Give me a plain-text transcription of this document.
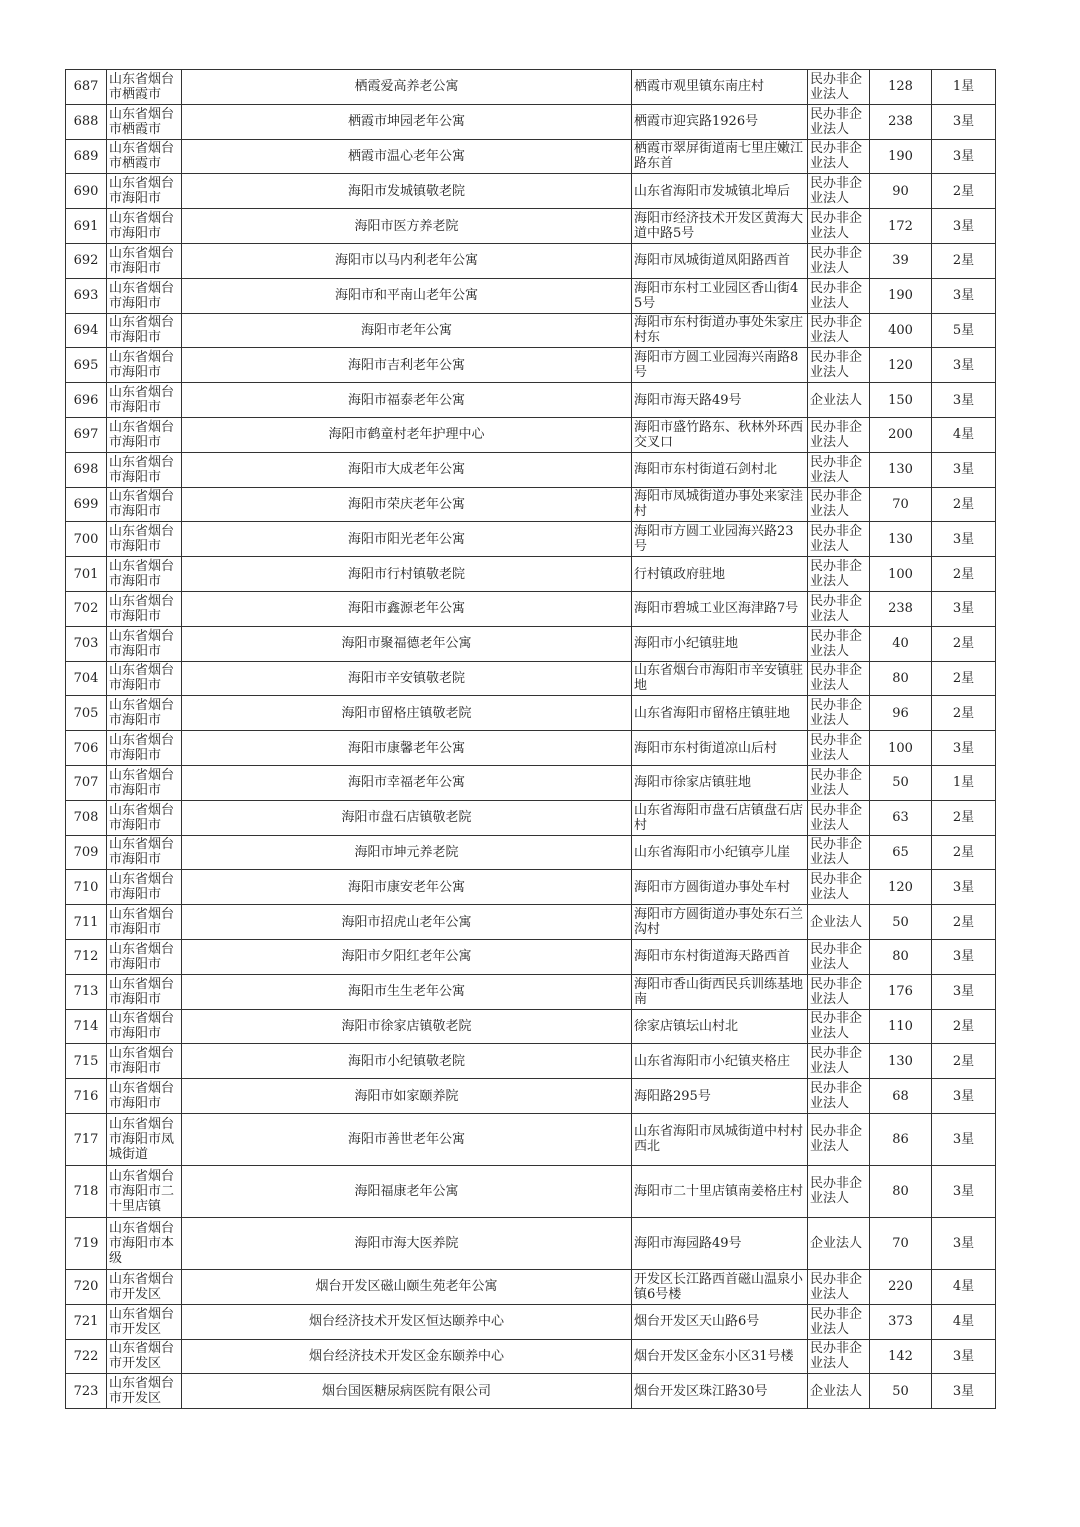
687	山东省烟台市栖霞市	栖霞爱高养老公寓	栖霞市观里镇东南庄村	民办非企业法人	128	1星
688	山东省烟台市栖霞市	栖霞市坤园老年公寓	栖霞市迎宾路1926号	民办非企业法人	238	3星
689	山东省烟台市栖霞市	栖霞市温心老年公寓	栖霞市翠屏街道南七里庄嫩江路东首	民办非企业法人	190	3星
690	山东省烟台市海阳市	海阳市发城镇敬老院	山东省海阳市发城镇北埠后	民办非企业法人	90	2星
691	山东省烟台市海阳市	海阳市医方养老院	海阳市经济技术开发区黄海大道中路5号	民办非企业法人	172	3星
692	山东省烟台市海阳市	海阳市以马内利老年公寓	海阳市凤城街道凤阳路西首	民办非企业法人	39	2星
693	山东省烟台市海阳市	海阳市和平南山老年公寓	海阳市东村工业园区香山街45号	民办非企业法人	190	3星
694	山东省烟台市海阳市	海阳市老年公寓	海阳市东村街道办事处朱家庄村东	民办非企业法人	400	5星
695	山东省烟台市海阳市	海阳市吉利老年公寓	海阳市方圆工业园海兴南路8号	民办非企业法人	120	3星
696	山东省烟台市海阳市	海阳市福泰老年公寓	海阳市海天路49号	企业法人	150	3星
697	山东省烟台市海阳市	海阳市鹤童村老年护理中心	海阳市盛竹路东、秋林外环西交叉口	民办非企业法人	200	4星
698	山东省烟台市海阳市	海阳市大成老年公寓	海阳市东村街道石剑村北	民办非企业法人	130	3星
699	山东省烟台市海阳市	海阳市荣庆老年公寓	海阳市凤城街道办事处来家洼村	民办非企业法人	70	2星
700	山东省烟台市海阳市	海阳市阳光老年公寓	海阳市方圆工业园海兴路23号	民办非企业法人	130	3星
701	山东省烟台市海阳市	海阳市行村镇敬老院	行村镇政府驻地	民办非企业法人	100	2星
702	山东省烟台市海阳市	海阳市鑫源老年公寓	海阳市碧城工业区海津路7号	民办非企业法人	238	3星
703	山东省烟台市海阳市	海阳市聚福德老年公寓	海阳市小纪镇驻地	民办非企业法人	40	2星
704	山东省烟台市海阳市	海阳市辛安镇敬老院	山东省烟台市海阳市辛安镇驻地	民办非企业法人	80	2星
705	山东省烟台市海阳市	海阳市留格庄镇敬老院	山东省海阳市留格庄镇驻地	民办非企业法人	96	2星
706	山东省烟台市海阳市	海阳市康馨老年公寓	海阳市东村街道凉山后村	民办非企业法人	100	3星
707	山东省烟台市海阳市	海阳市幸福老年公寓	海阳市徐家店镇驻地	民办非企业法人	50	1星
708	山东省烟台市海阳市	海阳市盘石店镇敬老院	山东省海阳市盘石店镇盘石店村	民办非企业法人	63	2星
709	山东省烟台市海阳市	海阳市坤元养老院	山东省海阳市小纪镇亭儿崖	民办非企业法人	65	2星
710	山东省烟台市海阳市	海阳市康安老年公寓	海阳市方圆街道办事处车村	民办非企业法人	120	3星
711	山东省烟台市海阳市	海阳市招虎山老年公寓	海阳市方圆街道办事处东石兰沟村	企业法人	50	2星
712	山东省烟台市海阳市	海阳市夕阳红老年公寓	海阳市东村街道海天路西首	民办非企业法人	80	3星
713	山东省烟台市海阳市	海阳市生生老年公寓	海阳市香山街西民兵训练基地南	民办非企业法人	176	3星
714	山东省烟台市海阳市	海阳市徐家店镇敬老院	徐家店镇坛山村北	民办非企业法人	110	2星
715	山东省烟台市海阳市	海阳市小纪镇敬老院	山东省海阳市小纪镇夹格庄	民办非企业法人	130	2星
716	山东省烟台市海阳市	海阳市如家颐养院	海阳路295号	民办非企业法人	68	3星
717	山东省烟台市海阳市凤城街道	海阳市善世老年公寓	山东省海阳市凤城街道中村村西北	民办非企业法人	86	3星
718	山东省烟台市海阳市二十里店镇	海阳福康老年公寓	海阳市二十里店镇南姜格庄村	民办非企业法人	80	3星
719	山东省烟台市海阳市本级	海阳市海大医养院	海阳市海园路49号	企业法人	70	3星
720	山东省烟台市开发区	烟台开发区磁山颐生苑老年公寓	开发区长江路西首磁山温泉小镇6号楼	民办非企业法人	220	4星
721	山东省烟台市开发区	烟台经济技术开发区恒达颐养中心	烟台开发区天山路6号	民办非企业法人	373	4星
722	山东省烟台市开发区	烟台经济技术开发区金东颐养中心	烟台开发区金东小区31号楼	民办非企业法人	142	3星
723	山东省烟台市开发区	烟台国医糖尿病医院有限公司	烟台开发区珠江路30号	企业法人	50	3星
